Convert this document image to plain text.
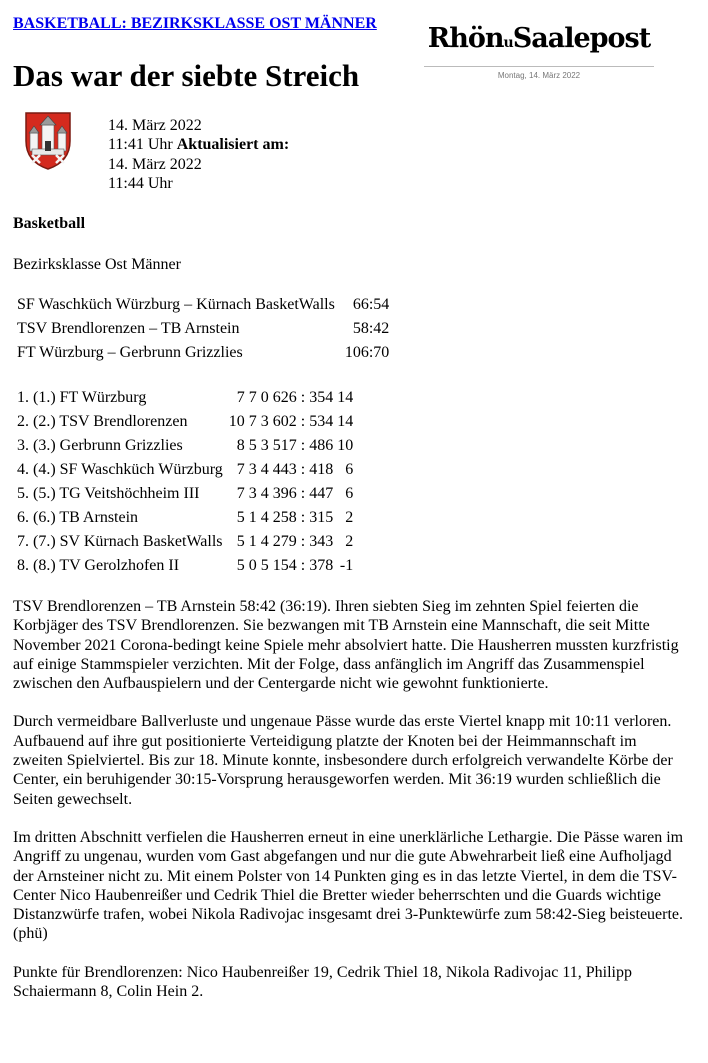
BASKETBALL: BEZIRKSKLASSE OST MÄNNER
Das war der siebte Streich
RhönuSaalepost
Montag, 14. März 2022
14. März 2022
11:41 Uhr Aktualisiert am:
14. März 2022
11:44 Uhr
Basketball
Bezirksklasse Ost Männer
SF Waschküch Würzburg – Kürnach BasketWalls	66:54
TSV Brendlorenzen – TB Arnstein	58:42
FT Würzburg – Gerbrunn Grizzlies	106:70
1. (1.) FT Würzburg	7 7 0 626 : 354	14
2. (2.) TSV Brendlorenzen	10 7 3 602 : 534	14
3. (3.) Gerbrunn Grizzlies	8 5 3 517 : 486	10
4. (4.) SF Waschküch Würzburg	7 3 4 443 : 418	6
5. (5.) TG Veitshöchheim III	7 3 4 396 : 447	6
6. (6.) TB Arnstein	5 1 4 258 : 315	2
7. (7.) SV Kürnach BasketWalls	5 1 4 279 : 343	2
8. (8.) TV Gerolzhofen II	5 0 5 154 : 378	-1

TSV Brendlorenzen – TB Arnstein 58:42 (36:19). Ihren siebten Sieg im zehnten Spiel feierten die Korbjäger des TSV Brendlorenzen. Sie bezwangen mit TB Arnstein eine Mannschaft, die seit Mitte November 2021 Corona-bedingt keine Spiele mehr absolviert hatte. Die Hausherren mussten kurzfristig auf einige Stammspieler verzichten. Mit der Folge, dass anfänglich im Angriff das Zusammenspiel zwischen den Aufbauspielern und der Centergarde nicht wie gewohnt funktionierte.

Durch vermeidbare Ballverluste und ungenaue Pässe wurde das erste Viertel knapp mit 10:11 verloren. Aufbauend auf ihre gut positionierte Verteidigung platzte der Knoten bei der Heimmannschaft im zweiten Spielviertel. Bis zur 18. Minute konnte, insbesondere durch erfolgreich verwandelte Körbe der Center, ein beruhigender 30:15-Vorsprung herausgeworfen werden. Mit 36:19 wurden schließlich die Seiten gewechselt.

Im dritten Abschnitt verfielen die Hausherren erneut in eine unerklärliche Lethargie. Die Pässe waren im Angriff zu ungenau, wurden vom Gast abgefangen und nur die gute Abwehrarbeit ließ eine Aufholjagd der Arnsteiner nicht zu. Mit einem Polster von 14 Punkten ging es in das letzte Viertel, in dem die TSV-Center Nico Haubenreißer und Cedrik Thiel die Bretter wieder beherrschten und die Guards wichtige Distanzwürfe trafen, wobei Nikola Radivojac insgesamt drei 3-Punktewürfe zum 58:42-Sieg beisteuerte. (phü)

Punkte für Brendlorenzen: Nico Haubenreißer 19, Cedrik Thiel 18, Nikola Radivojac 11, Philipp Schaiermann 8, Colin Hein 2.
